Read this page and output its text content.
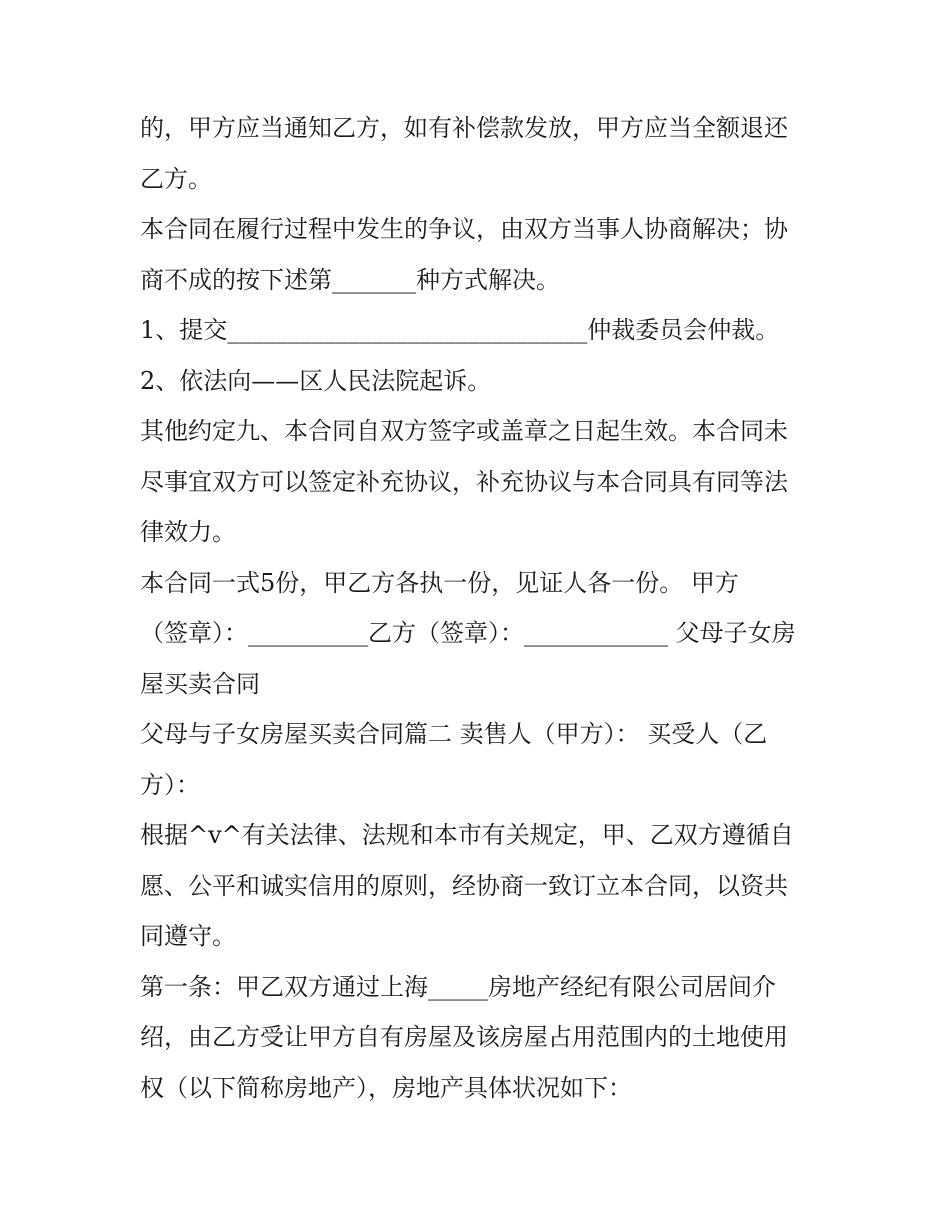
的，甲方应当通知乙方，如有补偿款发放，甲方应当全额退还
乙方。
本合同在履行过程中发生的争议，由双方当事人协商解决；协
商不成的按下述第_______种方式解决。
1、提交______________________________仲裁委员会仲裁。
2、依法向——区人民法院起诉。
其他约定九、本合同自双方签字或盖章之日起生效。本合同未
尽事宜双方可以签定补充协议，补充协议与本合同具有同等法
律效力。
本合同一式5份，甲乙方各执一份，见证人各一份。 甲方
（签章）：__________乙方（签章）：____________ 父母子女房
屋买卖合同
父母与子女房屋买卖合同篇二 卖售人（甲方）： 买受人（乙
方）：
根据^v^有关法律、法规和本市有关规定，甲、乙双方遵循自
愿、公平和诚实信用的原则，经协商一致订立本合同，以资共
同遵守。
第一条：甲乙双方通过上海_____房地产经纪有限公司居间介
绍，由乙方受让甲方自有房屋及该房屋占用范围内的土地使用
权（以下简称房地产），房地产具体状况如下：
